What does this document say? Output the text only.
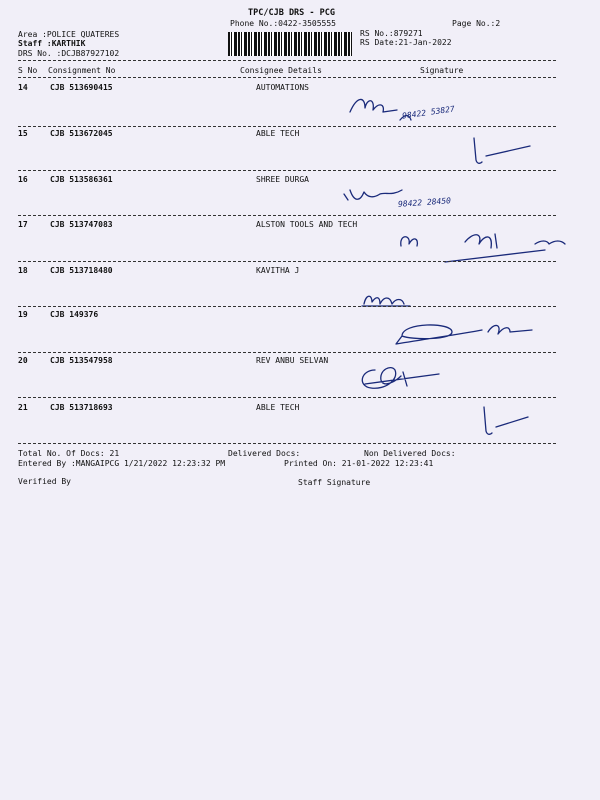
TPC/CJB DRS - PCG
Phone No.:0422-3505555	Page No.:2
Area :POLICE QUATERES
Staff :KARTHIK
DRS No. :DCJB87927102
RS No.:879271
RS Date:21-Jan-2022
S No Consignment No	Consignee Details	Signature
14	CJB 513690415	AUTOMATIONS
98422 53827
15	CJB 513672045	ABLE TECH
16	CJB 513586361	SHREE DURGA
98422 28450
17	CJB 513747083	ALSTON TOOLS AND TECH
18	CJB 513718480	KAVITHA J
19	CJB 149376
20	CJB 513547958	REV ANBU SELVAN
21	CJB 513718693	ABLE TECH
Total No. Of Docs: 21	Delivered Docs:	Non Delivered Docs:
Entered By :MANGAIPCG 1/21/2022 12:23:32 PM	Printed On: 21-01-2022 12:23:41
Verified By	Staff Signature
